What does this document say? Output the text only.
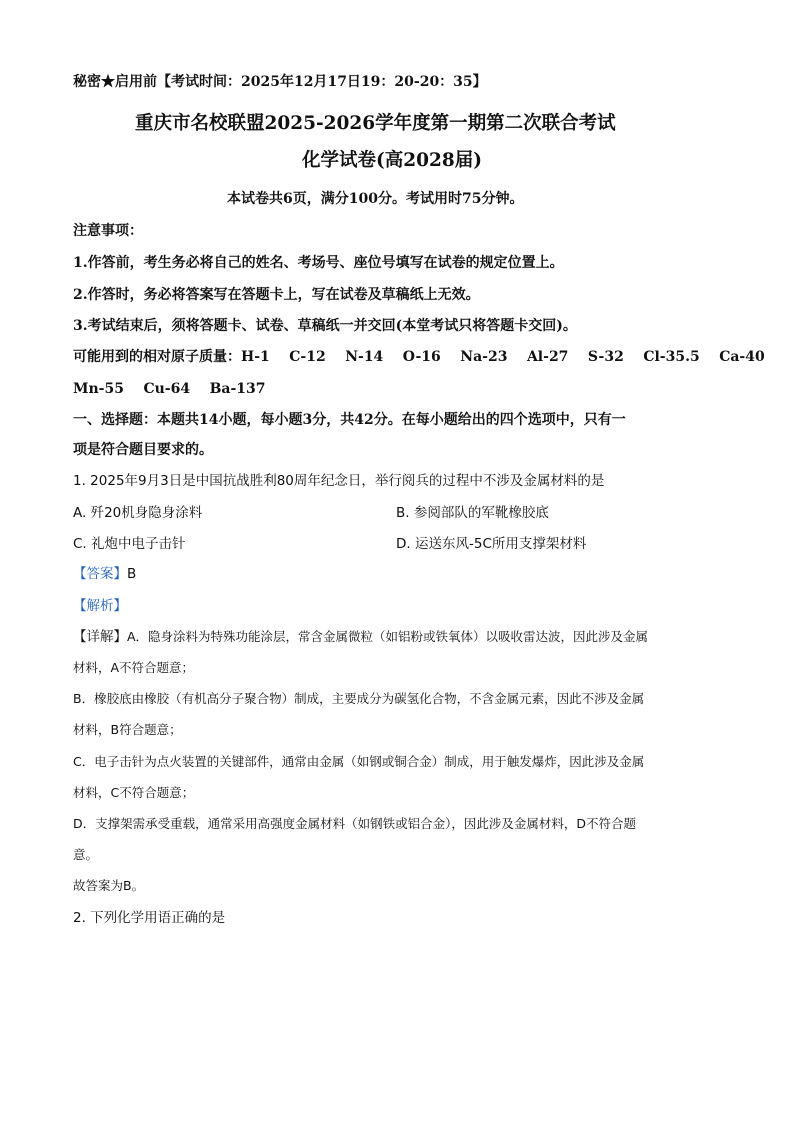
秘密★启用前【考试时间：2025年12月17日19：20-20：35】
重庆市名校联盟2025-2026学年度第一期第二次联合考试
化学试卷(高2028届)
本试卷共6页，满分100分。考试用时75分钟。
注意事项：
1.作答前，考生务必将自己的姓名、考场号、座位号填写在试卷的规定位置上。
2.作答时，务必将答案写在答题卡上，写在试卷及草稿纸上无效。
3.考试结束后，须将答题卡、试卷、草稿纸一并交回(本堂考试只将答题卡交回)。
可能用到的相对原子质量：H-1    C-12    N-14    O-16    Na-23    Al-27    S-32    Cl-35.5    Ca-40
Mn-55    Cu-64    Ba-137
一、选择题：本题共14小题，每小题3分，共42分。在每小题给出的四个选项中，只有一
项是符合题目要求的。
1. 2025年9月3日是中国抗战胜利80周年纪念日，举行阅兵的过程中不涉及金属材料的是
A. 歼20机身隐身涂料	B. 参阅部队的军靴橡胶底
C. 礼炮中电子击针	D. 运送东风-5C所用支撑架材料
【答案】B
【解析】
【详解】A．隐身涂料为特殊功能涂层，常含金属微粒（如铝粉或铁氧体）以吸收雷达波，因此涉及金属
材料，A不符合题意；
B．橡胶底由橡胶（有机高分子聚合物）制成，主要成分为碳氢化合物，不含金属元素，因此不涉及金属
材料，B符合题意；
C．电子击针为点火装置的关键部件，通常由金属（如钢或铜合金）制成，用于触发爆炸，因此涉及金属
材料，C不符合题意；
D．支撑架需承受重载，通常采用高强度金属材料（如钢铁或铝合金），因此涉及金属材料，D不符合题
意。
故答案为B。
2. 下列化学用语正确的是
